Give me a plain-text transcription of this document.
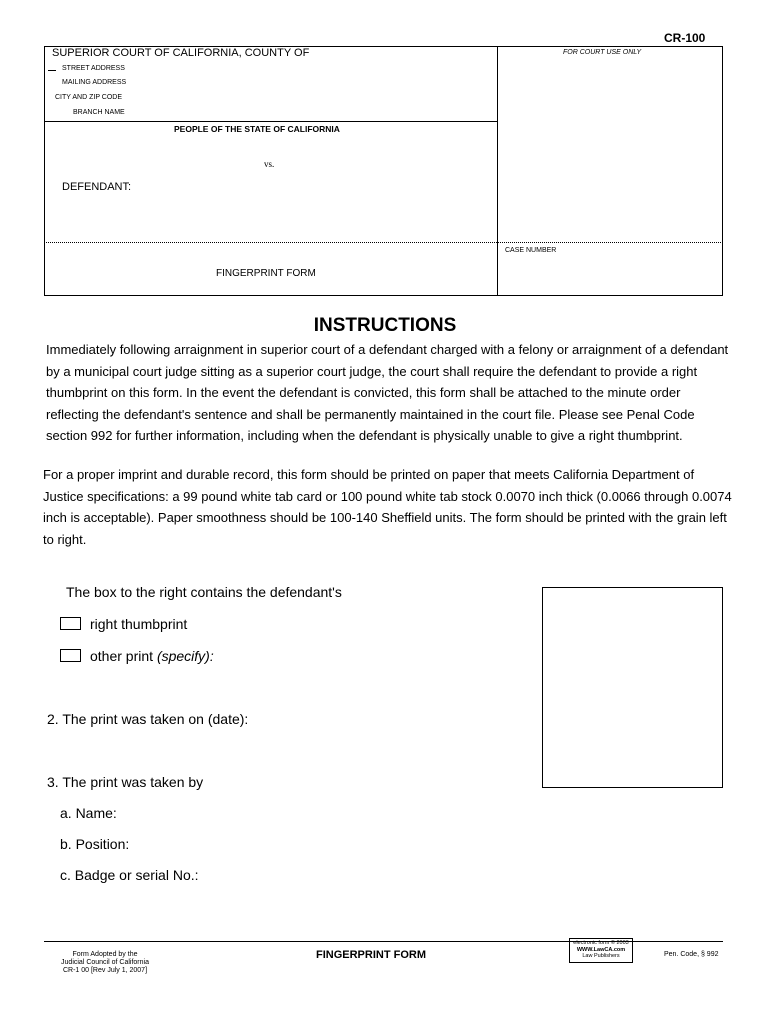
CR-100
SUPERIOR COURT OF CALIFORNIA, COUNTY OF	FOR COURT USE ONLY
STREET ADDRESS
MAILING ADDRESS
CITY AND ZIP CODE
BRANCH NAME
PEOPLE OF THE STATE OF CALIFORNIA
vs.
DEFENDANT:
CASE NUMBER
FINGERPRINT FORM
INSTRUCTIONS
Immediately following arraignment in superior court of a defendant charged with a felony or arraignment of a defendant by a municipal court judge sitting as a superior court judge, the court shall require the defendant to provide a right thumbprint on this form. In the event the defendant is convicted, this form shall be attached to the minute order reflecting the defendant's sentence and shall be permanently maintained in the court file. Please see Penal Code section 992 for further information, including when the defendant is physically unable to give a right thumbprint.
For a proper imprint and durable record, this form should be printed on paper that meets California Department of Justice specifications: a 99 pound white tab card or 100 pound white tab stock 0.0070 inch thick (0.0066 through 0.0074 inch is acceptable). Paper smoothness should be 100-140 Sheffield units. The form should be printed with the grain left to right.
The box to the right contains the defendant's
right thumbprint
other print (specify):
2. The print was taken on (date):
3. The print was taken by
a. Name:
b. Position:
c. Badge or serial No.:
Form Adopted by the
Judicial Council of California
CR-1 00 [Rev July 1, 2007]
FINGERPRINT FORM
electronic form © 2003
WWW.LawCA.com
Law Publishers	Pen. Code, § 992
